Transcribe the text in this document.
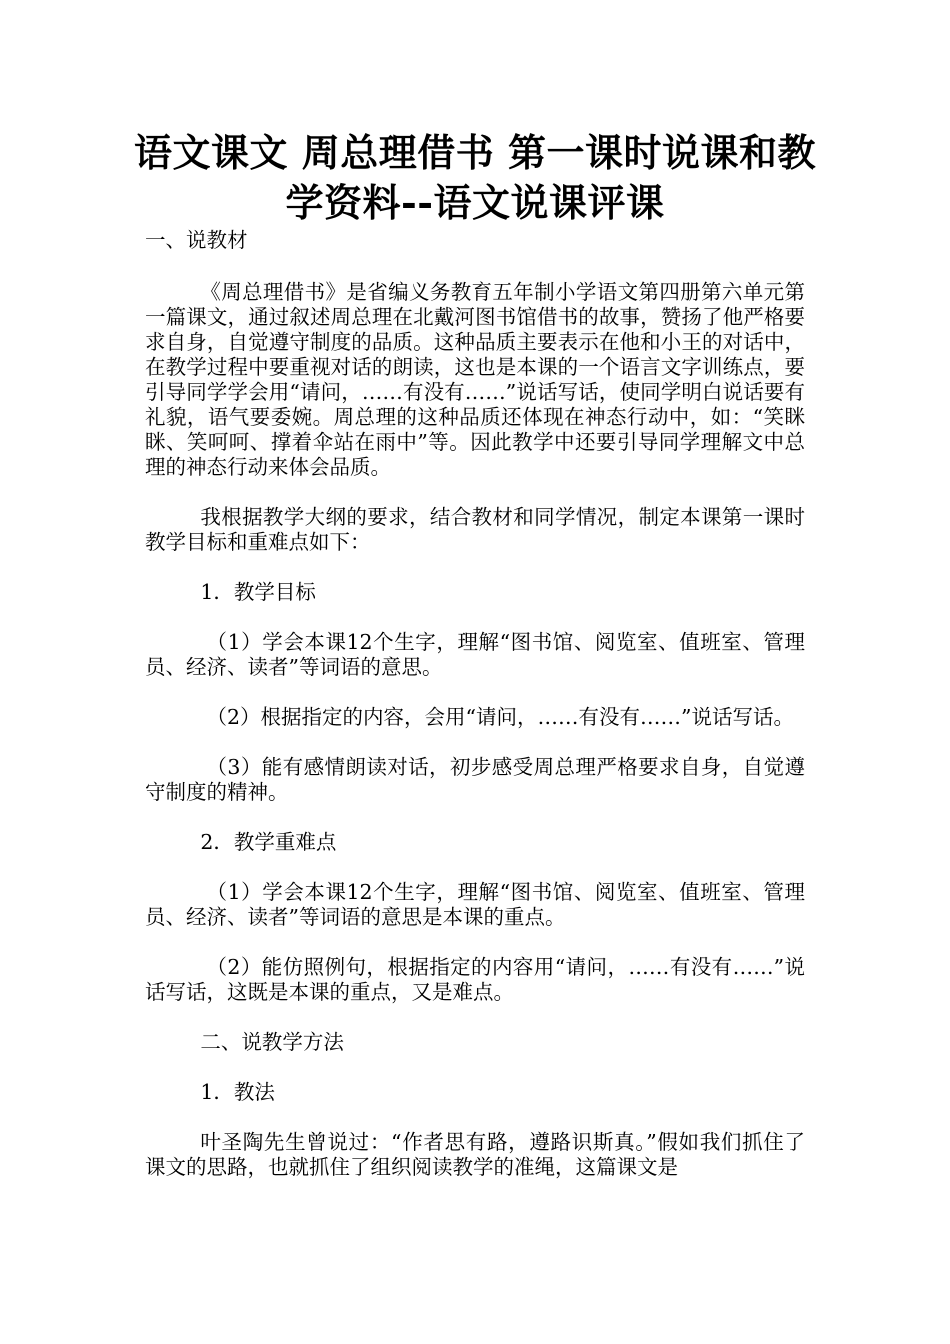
语文课文 周总理借书 第一课时说课和教学资料--语文说课评课

一、说教材

《周总理借书》是省编义务教育五年制小学语文第四册第六单元第一篇课文，通过叙述周总理在北戴河图书馆借书的故事，赞扬了他严格要求自身，自觉遵守制度的品质。这种品质主要表示在他和小王的对话中，在教学过程中要重视对话的朗读，这也是本课的一个语言文字训练点，要引导同学学会用“请问，……有没有……”说话写话，使同学明白说话要有礼貌，语气要委婉。周总理的这种品质还体现在神态行动中，如：“笑眯眯、笑呵呵、撑着伞站在雨中”等。因此教学中还要引导同学理解文中总理的神态行动来体会品质。

我根据教学大纲的要求，结合教材和同学情况，制定本课第一课时教学目标和重难点如下：

1．教学目标

（1）学会本课12个生字，理解“图书馆、阅览室、值班室、管理员、经济、读者”等词语的意思。

（2）根据指定的内容，会用“请问，……有没有……”说话写话。

（3）能有感情朗读对话，初步感受周总理严格要求自身，自觉遵守制度的精神。

2．教学重难点

（1）学会本课12个生字，理解“图书馆、阅览室、值班室、管理员、经济、读者”等词语的意思是本课的重点。

（2）能仿照例句，根据指定的内容用“请问，……有没有……”说话写话，这既是本课的重点，又是难点。

二、说教学方法

1．教法

叶圣陶先生曾说过：“作者思有路，遵路识斯真。”假如我们抓住了课文的思路，也就抓住了组织阅读教学的准绳，这篇课文是
